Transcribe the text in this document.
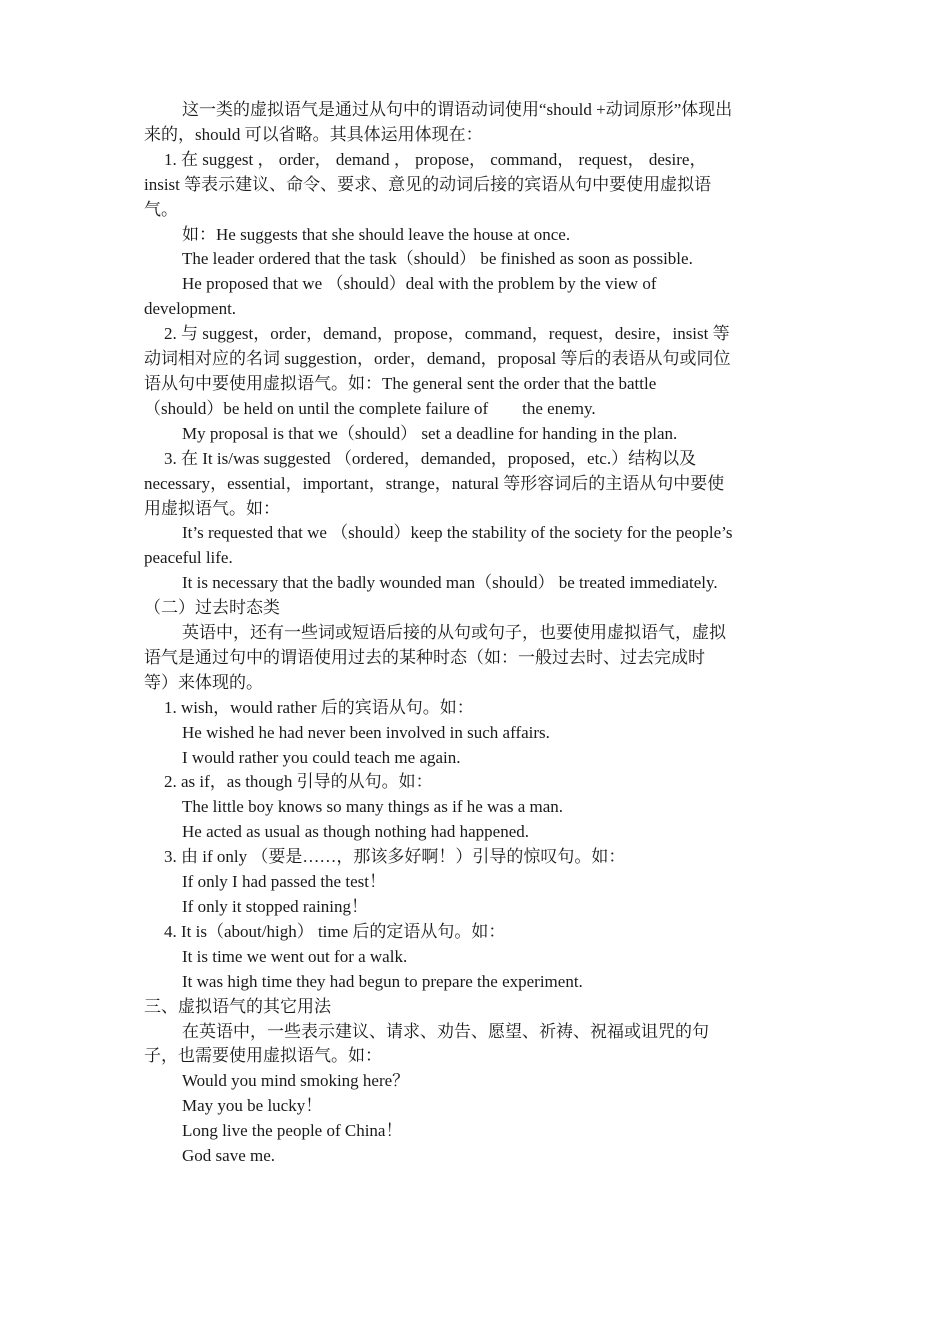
这一类的虚拟语气是通过从句中的谓语动词使用“should +动词原形”体现出
来的，should 可以省略。其具体运用体现在：
1. 在 suggest ， order， demand ， propose， command， request， desire，
insist 等表示建议、命令、要求、意见的动词后接的宾语从句中要使用虚拟语
气。
如：He suggests that she should leave the house at once.
The leader ordered that the task（should） be finished as soon as possible.
He proposed that we （should）deal with the problem by the view of
development.
2. 与 suggest，order，demand，propose，command，request，desire，insist 等
动词相对应的名词 suggestion，order，demand，proposal 等后的表语从句或同位
语从句中要使用虚拟语气。如：The general sent the order that the battle
（should）be held on until the complete failure of        the enemy.
My proposal is that we（should） set a deadline for handing in the plan.
3. 在 It is/was suggested （ordered，demanded，proposed，etc.）结构以及
necessary，essential，important，strange，natural 等形容词后的主语从句中要使
用虚拟语气。如：
It’s requested that we （should）keep the stability of the society for the people’s
peaceful life.
It is necessary that the badly wounded man（should） be treated immediately.
（二）过去时态类
英语中，还有一些词或短语后接的从句或句子，也要使用虚拟语气，虚拟
语气是通过句中的谓语使用过去的某种时态（如：一般过去时、过去完成时
等）来体现的。
1. wish，would rather 后的宾语从句。如：
He wished he had never been involved in such affairs.
I would rather you could teach me again.
2. as if，as though 引导的从句。如：
The little boy knows so many things as if he was a man.
He acted as usual as though nothing had happened.
3. 由 if only （要是……，那该多好啊！）引导的惊叹句。如：
If only I had passed the test！
If only it stopped raining！
4. It is（about/high） time 后的定语从句。如：
It is time we went out for a walk.
It was high time they had begun to prepare the experiment.
三、虚拟语气的其它用法
在英语中，一些表示建议、请求、劝告、愿望、祈祷、祝福或诅咒的句
子，也需要使用虚拟语气。如：
Would you mind smoking here？
May you be lucky！
Long live the people of China！
God save me.
